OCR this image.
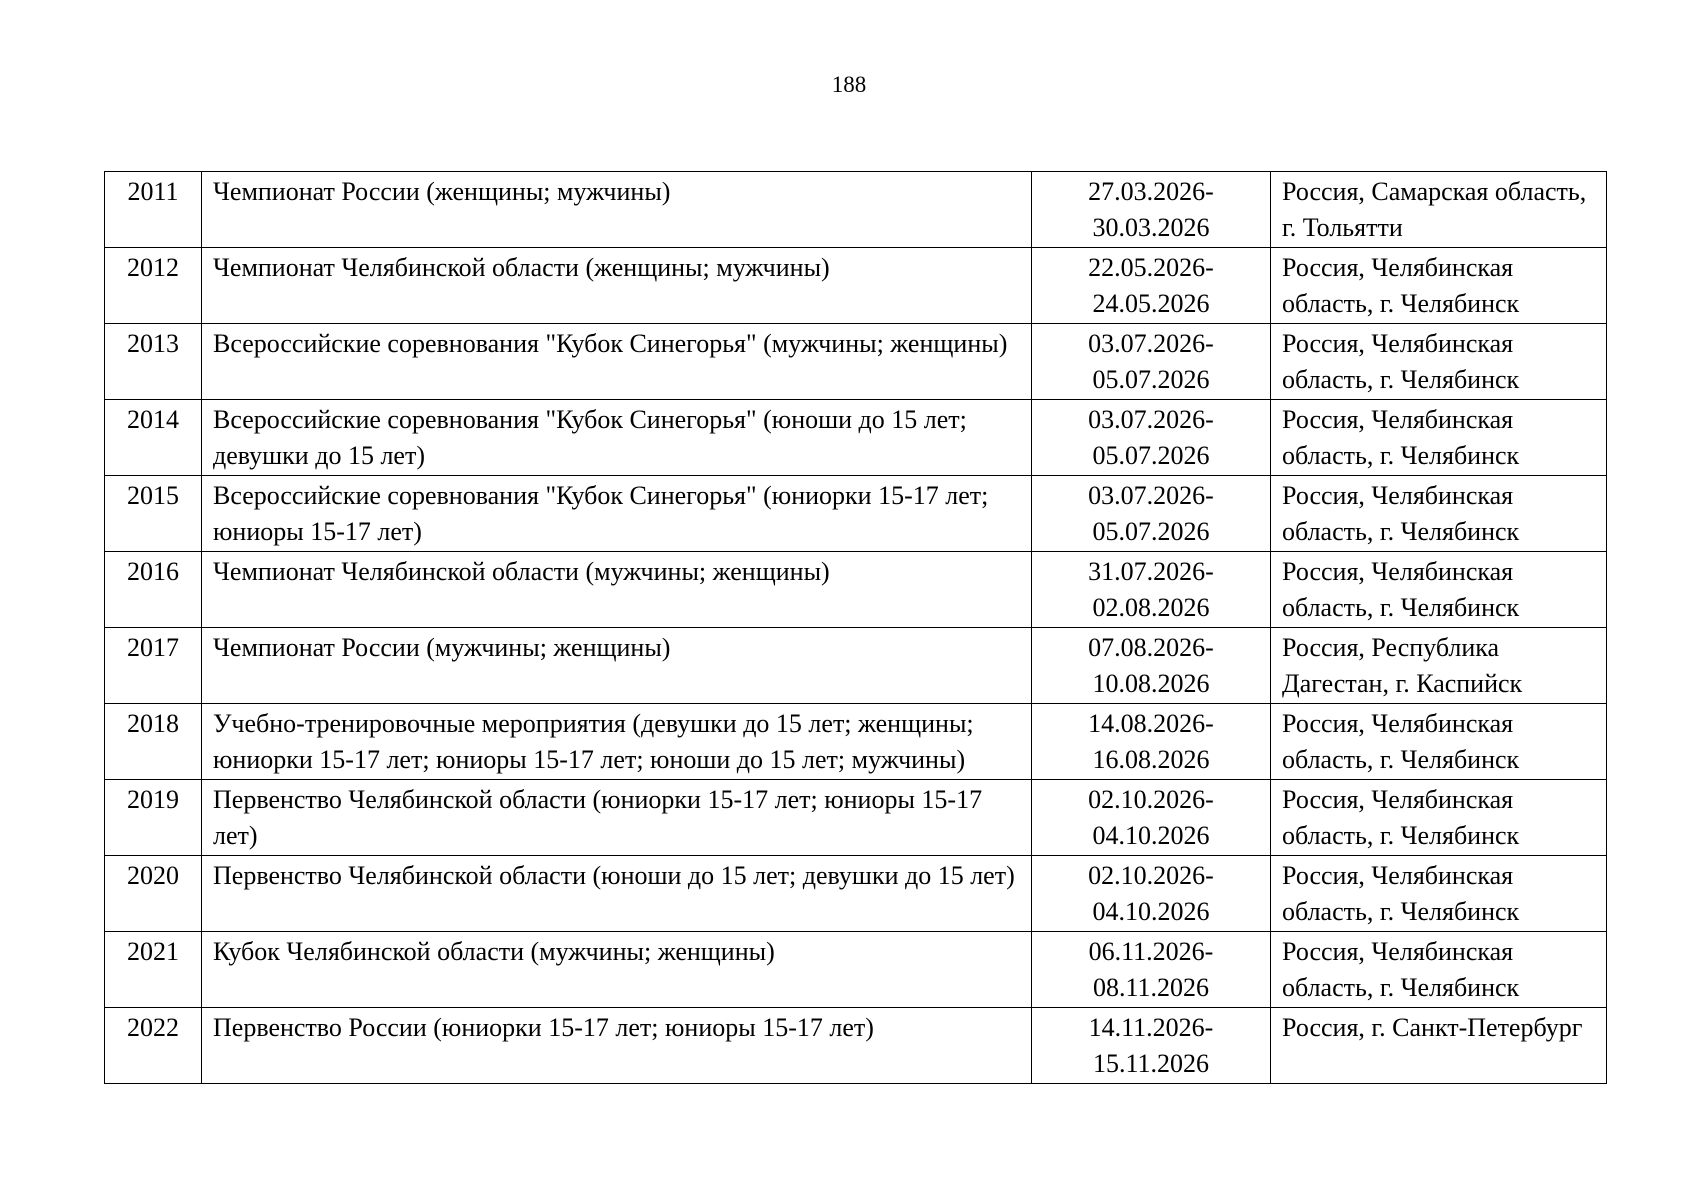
188
2011	Чемпионат России (женщины; мужчины)	27.03.2026-30.03.2026	Россия, Самарская область, г. Тольятти
2012	Чемпионат Челябинской области (женщины; мужчины)	22.05.2026-24.05.2026	Россия, Челябинская область, г. Челябинск
2013	Всероссийские соревнования "Кубок Синегорья" (мужчины; женщины)	03.07.2026-05.07.2026	Россия, Челябинская область, г. Челябинск
2014	Всероссийские соревнования "Кубок Синегорья" (юноши до 15 лет; девушки до 15 лет)	03.07.2026-05.07.2026	Россия, Челябинская область, г. Челябинск
2015	Всероссийские соревнования "Кубок Синегорья" (юниорки 15-17 лет; юниоры 15-17 лет)	03.07.2026-05.07.2026	Россия, Челябинская область, г. Челябинск
2016	Чемпионат Челябинской области (мужчины; женщины)	31.07.2026-02.08.2026	Россия, Челябинская область, г. Челябинск
2017	Чемпионат России (мужчины; женщины)	07.08.2026-10.08.2026	Россия, Республика Дагестан, г. Каспийск
2018	Учебно-тренировочные мероприятия (девушки до 15 лет; женщины; юниорки 15-17 лет; юниоры 15-17 лет; юноши до 15 лет; мужчины)	14.08.2026-16.08.2026	Россия, Челябинская область, г. Челябинск
2019	Первенство Челябинской области (юниорки 15-17 лет; юниоры 15-17 лет)	02.10.2026-04.10.2026	Россия, Челябинская область, г. Челябинск
2020	Первенство Челябинской области (юноши до 15 лет; девушки до 15 лет)	02.10.2026-04.10.2026	Россия, Челябинская область, г. Челябинск
2021	Кубок Челябинской области (мужчины; женщины)	06.11.2026-08.11.2026	Россия, Челябинская область, г. Челябинск
2022	Первенство России (юниорки 15-17 лет; юниоры 15-17 лет)	14.11.2026-15.11.2026	Россия, г. Санкт-Петербург
